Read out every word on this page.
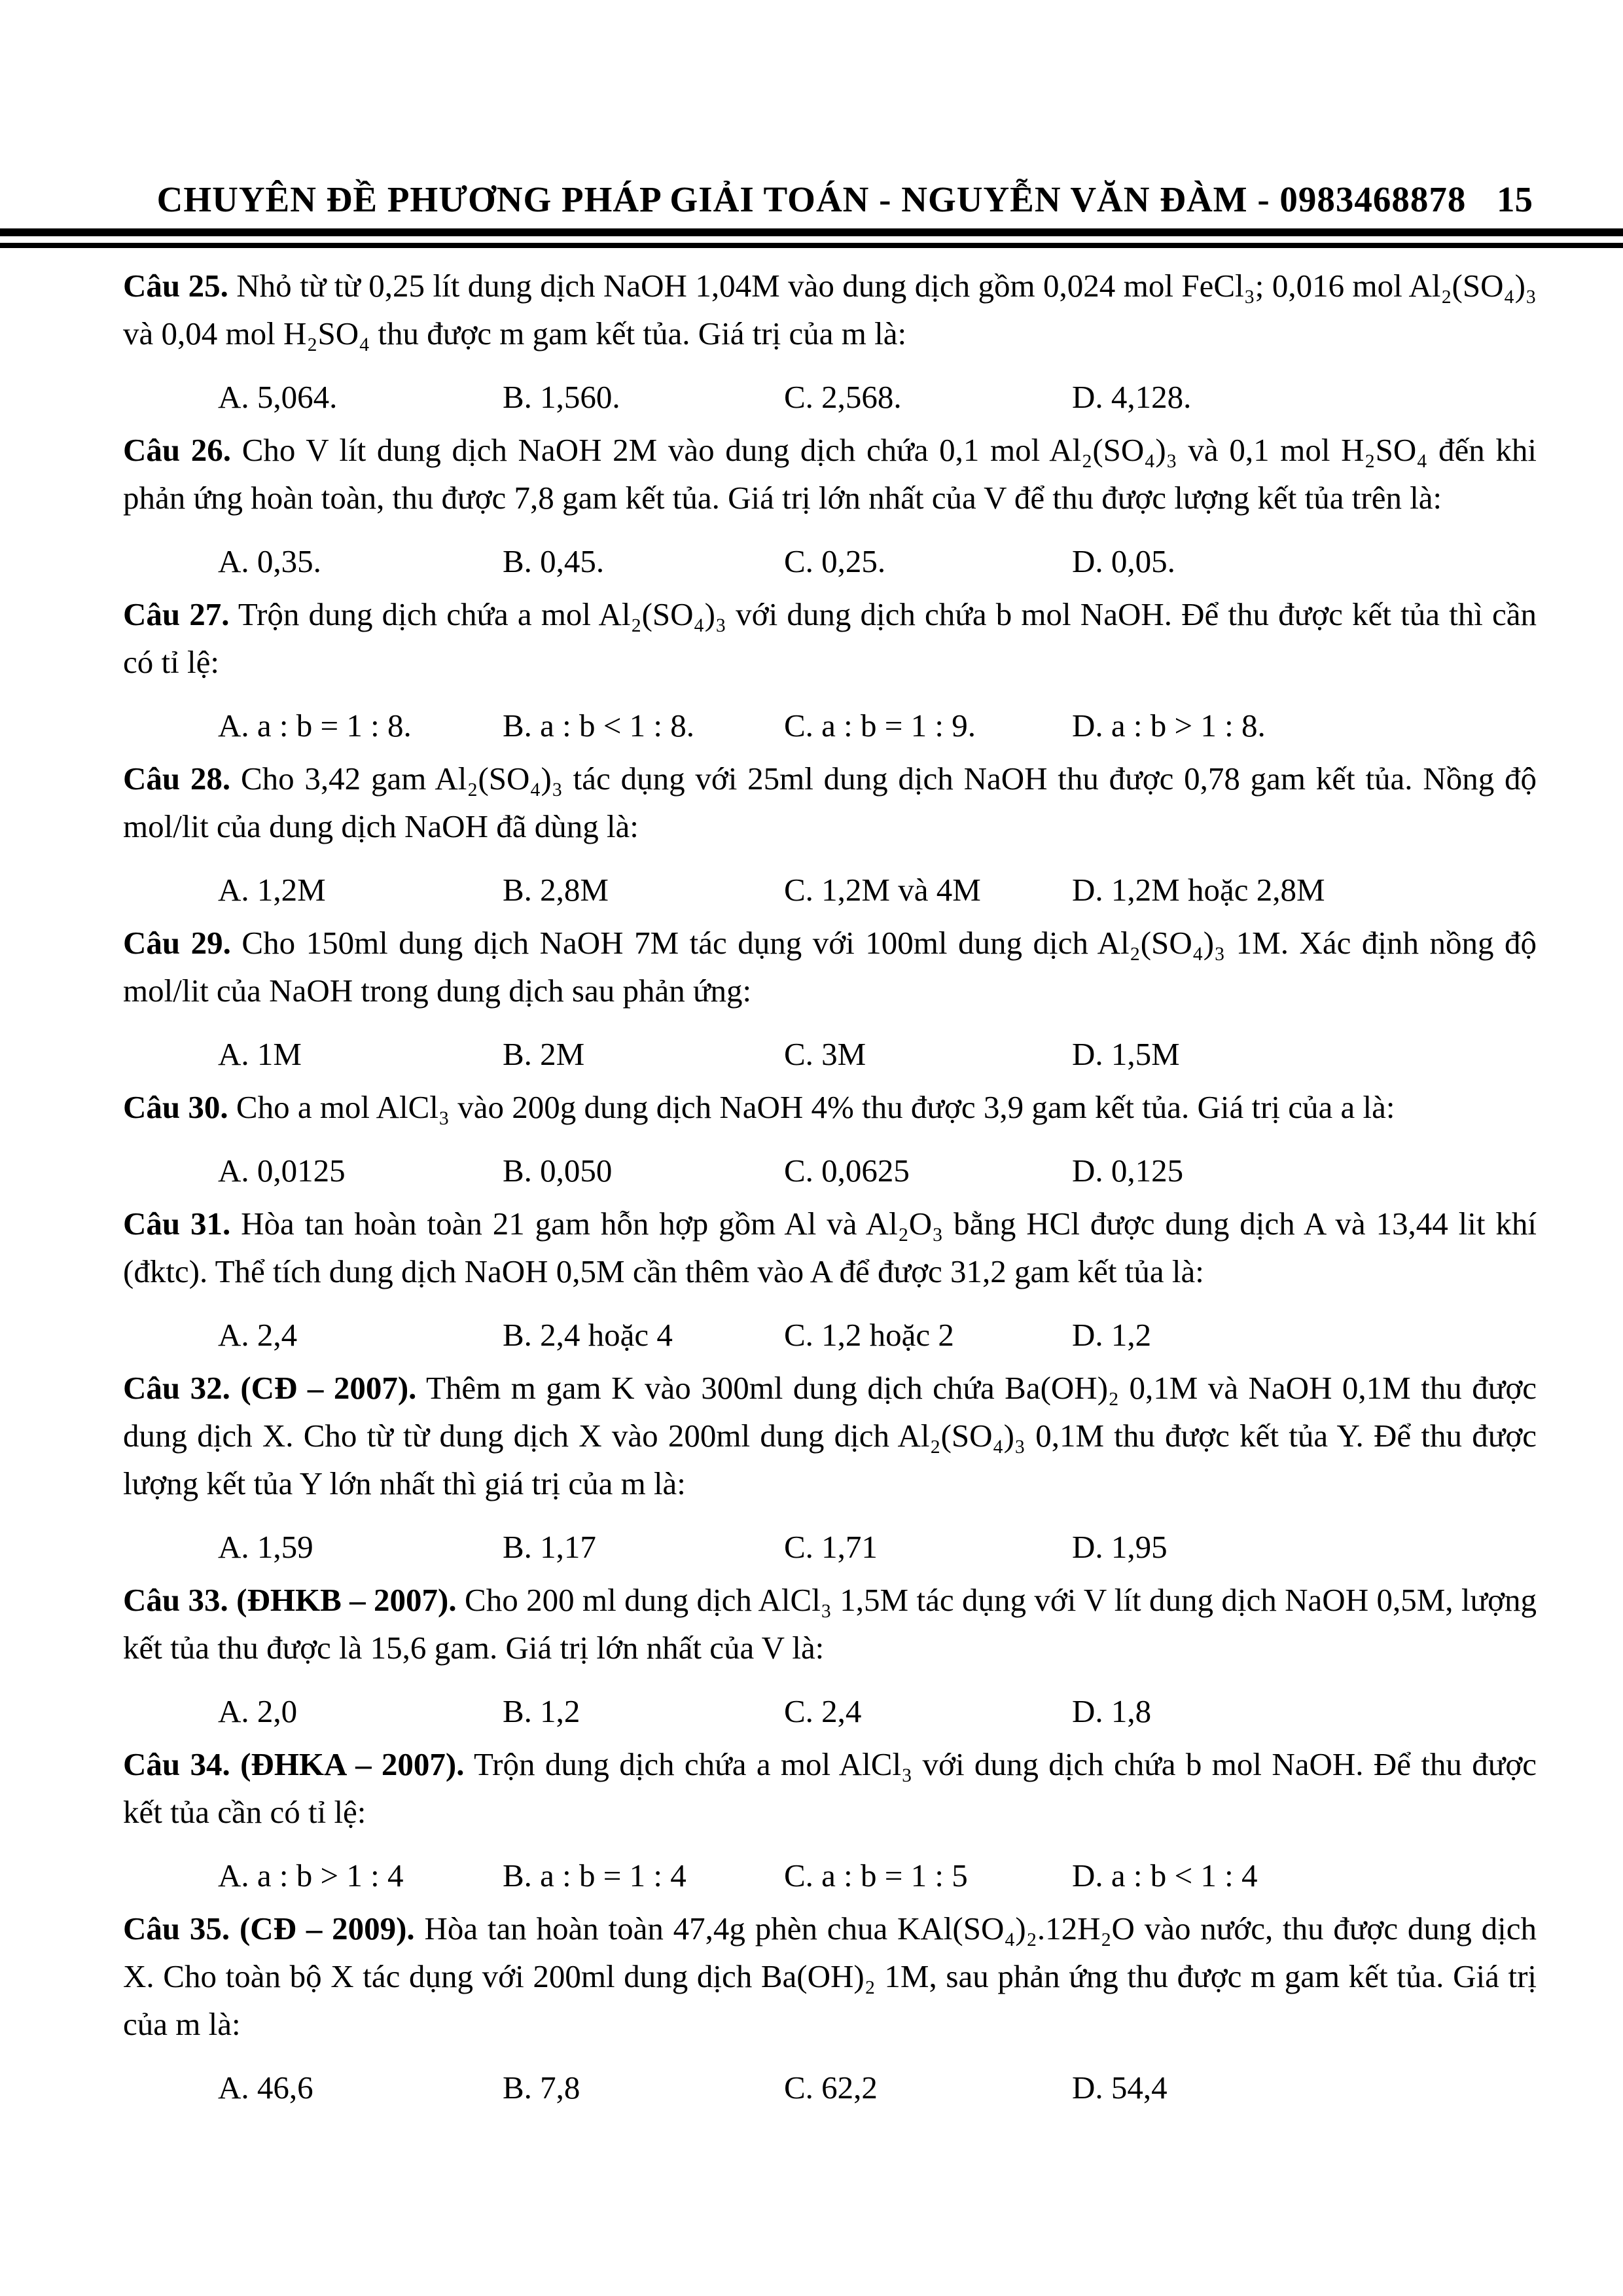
CHUYÊN ĐỀ PHƯƠNG PHÁP GIẢI TOÁN - NGUYỄN VĂN ĐÀM - 0983468878 15

Câu 25. Nhỏ từ từ 0,25 lít dung dịch NaOH 1,04M vào dung dịch gồm 0,024 mol FeCl₃; 0,016 mol Al₂(SO₄)₃ và 0,04 mol H₂SO₄ thu được m gam kết tủa. Giá trị của m là:

A. 5,064.	B. 1,560.	C. 2,568.	D. 4,128.

Câu 26. Cho V lít dung dịch NaOH 2M vào dung dịch chứa 0,1 mol Al₂(SO₄)₃ và 0,1 mol H₂SO₄ đến khi phản ứng hoàn toàn, thu được 7,8 gam kết tủa. Giá trị lớn nhất của V để thu được lượng kết tủa trên là:

A. 0,35.	B. 0,45.	C. 0,25.	D. 0,05.

Câu 27. Trộn dung dịch chứa a mol Al₂(SO₄)₃ với dung dịch chứa b mol NaOH. Để thu được kết tủa thì cần có tỉ lệ:

A. a : b = 1 : 8.	B. a : b < 1 : 8.	C. a : b = 1 : 9.	D. a : b > 1 : 8.

Câu 28. Cho 3,42 gam Al₂(SO₄)₃ tác dụng với 25ml dung dịch NaOH thu được 0,78 gam kết tủa. Nồng độ mol/lit của dung dịch NaOH đã dùng là:

A. 1,2M	B. 2,8M	C. 1,2M và 4M	D. 1,2M hoặc 2,8M

Câu 29. Cho 150ml dung dịch NaOH 7M tác dụng với 100ml dung dịch Al₂(SO₄)₃ 1M. Xác định nồng độ mol/lit của NaOH trong dung dịch sau phản ứng:

A. 1M	B. 2M	C. 3M	D. 1,5M

Câu 30. Cho a mol AlCl₃ vào 200g dung dịch NaOH 4% thu được 3,9 gam kết tủa. Giá trị của a là:

A. 0,0125	B. 0,050	C. 0,0625	D. 0,125

Câu 31. Hòa tan hoàn toàn 21 gam hỗn hợp gồm Al và Al₂O₃ bằng HCl được dung dịch A và 13,44 lit khí (đktc). Thể tích dung dịch NaOH 0,5M cần thêm vào A để được 31,2 gam kết tủa là:

A. 2,4	B. 2,4 hoặc 4	C. 1,2 hoặc 2	D. 1,2

Câu 32. (CĐ – 2007). Thêm m gam K vào 300ml dung dịch chứa Ba(OH)₂ 0,1M và NaOH 0,1M thu được dung dịch X. Cho từ từ dung dịch X vào 200ml dung dịch Al₂(SO₄)₃ 0,1M thu được kết tủa Y. Để thu được lượng kết tủa Y lớn nhất thì giá trị của m là:

A. 1,59	B. 1,17	C. 1,71	D. 1,95

Câu 33. (ĐHKB – 2007). Cho 200 ml dung dịch AlCl₃ 1,5M tác dụng với V lít dung dịch NaOH 0,5M, lượng kết tủa thu được là 15,6 gam. Giá trị lớn nhất của V là:

A. 2,0	B. 1,2	C. 2,4	D. 1,8

Câu 34. (ĐHKA – 2007). Trộn dung dịch chứa a mol AlCl₃ với dung dịch chứa b mol NaOH. Để thu được kết tủa cần có tỉ lệ:

A. a : b > 1 : 4	B. a : b = 1 : 4	C. a : b = 1 : 5	D. a : b < 1 : 4

Câu 35. (CĐ – 2009). Hòa tan hoàn toàn 47,4g phèn chua KAl(SO₄)₂.12H₂O vào nước, thu được dung dịch X. Cho toàn bộ X tác dụng với 200ml dung dịch Ba(OH)₂ 1M, sau phản ứng thu được m gam kết tủa. Giá trị của m là:

A. 46,6	B. 7,8	C. 62,2	D. 54,4
